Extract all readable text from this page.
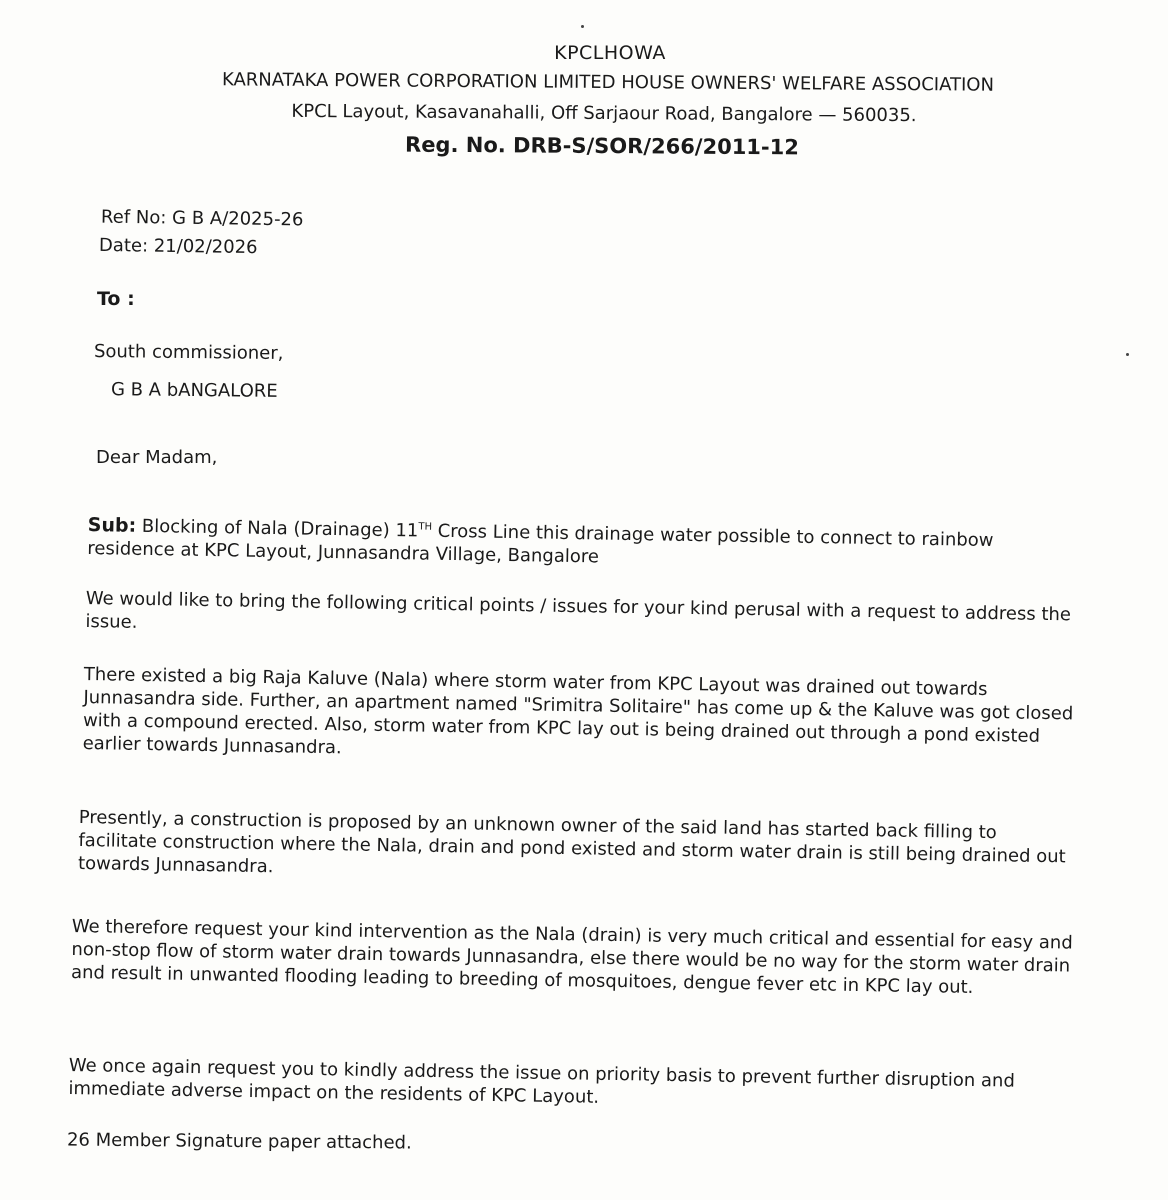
KPCLHOWA
KARNATAKA POWER CORPORATION LIMITED HOUSE OWNERS' WELFARE ASSOCIATION
KPCL Layout, Kasavanahalli, Off Sarjaour Road, Bangalore — 560035.
Reg. No. DRB-S/SOR/266/2011-12
Ref No: G B A/2025-26
Date: 21/02/2026
To :
South commissioner,
G B A bANGALORE
Dear Madam,
Sub: Blocking of Nala (Drainage) 11TH Cross Line this drainage water possible to connect to rainbow residence at KPC Layout, Junnasandra Village, Bangalore
We would like to bring the following critical points / issues for your kind perusal with a request to address the issue.
There existed a big Raja Kaluve (Nala) where storm water from KPC Layout was drained out towards Junnasandra side. Further, an apartment named "Srimitra Solitaire" has come up & the Kaluve was got closed with a compound erected. Also, storm water from KPC lay out is being drained out through a pond existed earlier towards Junnasandra.
Presently, a construction is proposed by an unknown owner of the said land has started back filling to facilitate construction where the Nala, drain and pond existed and storm water drain is still being drained out towards Junnasandra.
We therefore request your kind intervention as the Nala (drain) is very much critical and essential for easy and non-stop flow of storm water drain towards Junnasandra, else there would be no way for the storm water drain and result in unwanted flooding leading to breeding of mosquitoes, dengue fever etc in KPC lay out.
We once again request you to kindly address the issue on priority basis to prevent further disruption and immediate adverse impact on the residents of KPC Layout.
26 Member Signature paper attached.
